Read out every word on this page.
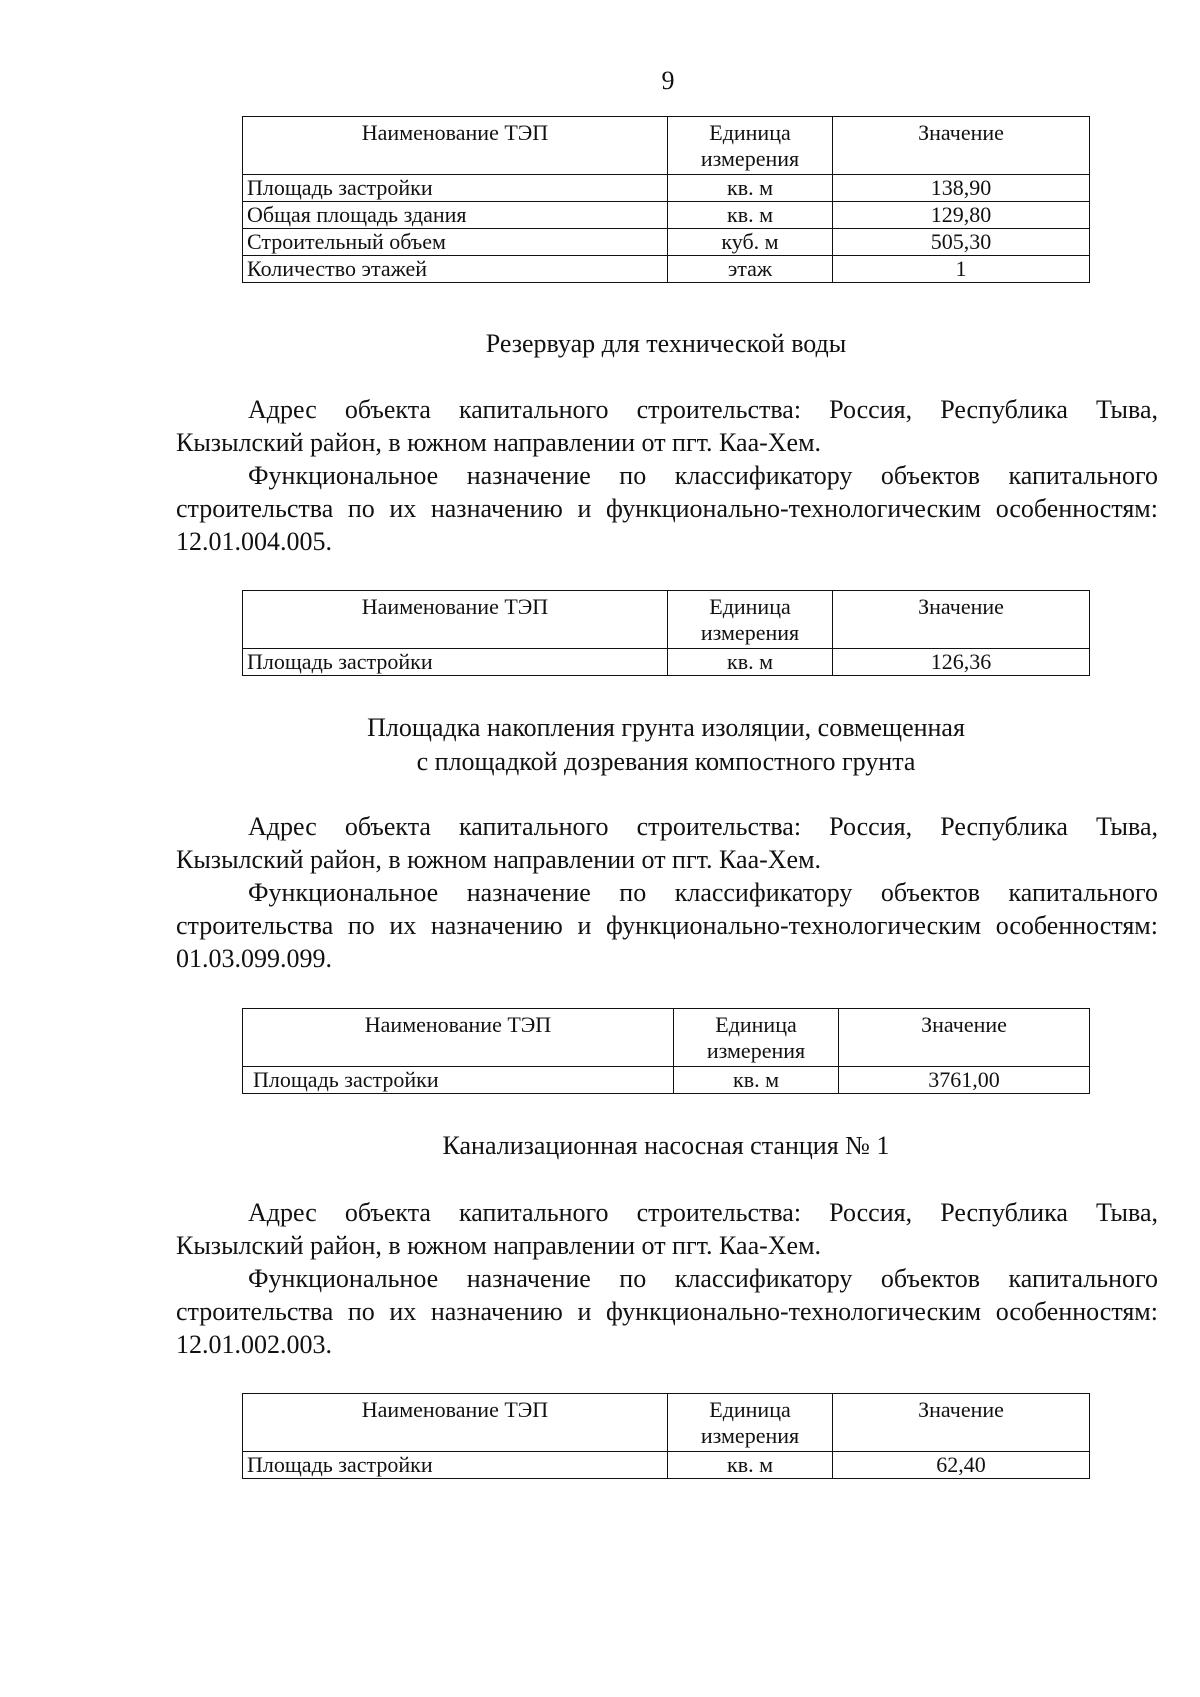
9
Наименование ТЭП	Единица измерения	Значение
Площадь застройки	кв. м	138,90
Общая площадь здания	кв. м	129,80
Строительный объем	куб. м	505,30
Количество этажей	этаж	1
Резервуар для технической воды

Адрес объекта капитального строительства: Россия, Республика Тыва, Кызылский район, в южном направлении от пгт. Каа-Хем.

Функциональное назначение по классификатору объектов капитального строительства по их назначению и функционально-технологическим особенностям: 12.01.004.005.

Наименование ТЭП	Единица измерения	Значение
Площадь застройки	кв. м	126,36
Площадка накопления грунта изоляции, совмещенная
с площадкой дозревания компостного грунта

Адрес объекта капитального строительства: Россия, Республика Тыва, Кызылский район, в южном направлении от пгт. Каа-Хем.

Функциональное назначение по классификатору объектов капитального строительства по их назначению и функционально-технологическим особенностям: 01.03.099.099.

Наименование ТЭП	Единица измерения	Значение
Площадь застройки	кв. м	3761,00
Канализационная насосная станция № 1

Адрес объекта капитального строительства: Россия, Республика Тыва, Кызылский район, в южном направлении от пгт. Каа-Хем.

Функциональное назначение по классификатору объектов капитального строительства по их назначению и функционально-технологическим особенностям: 12.01.002.003.

Наименование ТЭП	Единица измерения	Значение
Площадь застройки	кв. м	62,40
